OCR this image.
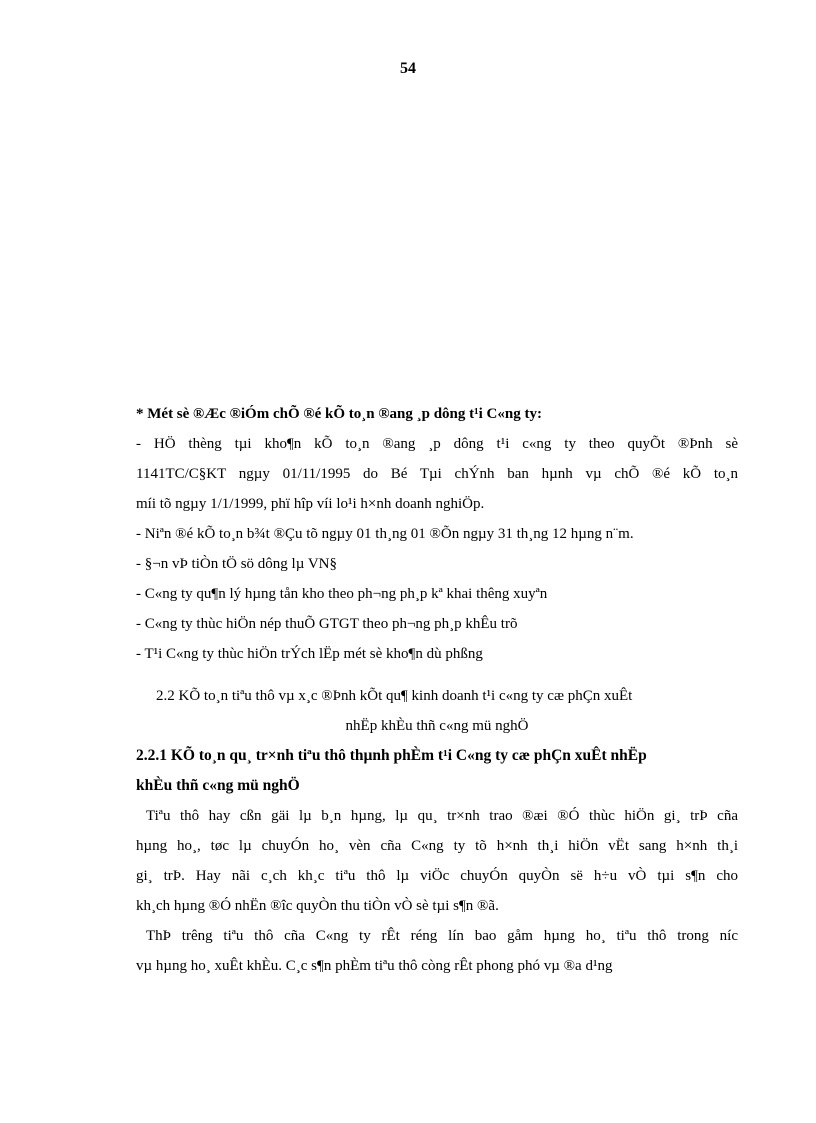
54
* Mét sè ®Æc ®iÓm chÕ ®é kÕ to¸n ®ang ¸p dông t¹i C«ng ty:
- HÖ thèng tµi kho¶n kÕ to¸n ®ang ¸p dông t¹i c«ng ty theo quyÕt ®Þnh sè
1141TC/C§KT ngµy 01/11/1995 do Bé Tµi chÝnh ban hµnh vµ chÕ ®é kÕ to¸n
míi tõ ngµy 1/1/1999, phï hîp víi lo¹i h×nh doanh nghiÖp.
- Niªn ®é kÕ to¸n b¾t ®Çu tõ ngµy 01 th¸ng 01 ®Õn ngµy 31 th¸ng 12 hµng n¨m.
- §¬n vÞ tiÒn tÖ sö dông lµ VN§
- C«ng ty qu¶n lý hµng tån kho theo ph¬ng ph¸p kª khai thêng xuyªn
- C«ng ty thùc hiÖn nép thuÕ GTGT theo ph¬ng ph¸p khÊu trõ
- T¹i C«ng ty thùc hiÖn trÝch lËp mét sè kho¶n dù phßng
2.2 KÕ to¸n tiªu thô vµ x¸c ®Þnh kÕt qu¶ kinh doanh t¹i c«ng ty cæ phÇn xuÊt
nhËp khÈu thñ c«ng mü nghÖ
2.2.1 KÕ to¸n qu¸ tr×nh tiªu thô thµnh phÈm t¹i C«ng ty cæ phÇn xuÊt nhËp
khÈu thñ c«ng mü nghÖ
Tiªu thô hay cßn gäi lµ b¸n hµng, lµ qu¸ tr×nh trao ®æi ®Ó thùc hiÖn gi¸ trÞ cña
hµng ho¸, tøc lµ chuyÓn ho¸ vèn cña C«ng ty tõ h×nh th¸i hiÖn vËt sang h×nh th¸i
gi¸ trÞ. Hay nãi c¸ch kh¸c tiªu thô lµ viÖc chuyÓn quyÒn së h÷u vÒ tµi s¶n cho
kh¸ch hµng ®Ó nhËn ®îc quyÒn thu tiÒn vÒ sè tµi s¶n ®ã.
ThÞ trêng tiªu thô cña C«ng ty rÊt réng lín bao gåm hµng ho¸ tiªu thô trong níc
vµ hµng ho¸ xuÊt khÈu. C¸c s¶n phÈm tiªu thô còng rÊt phong phó vµ ®a d¹ng
